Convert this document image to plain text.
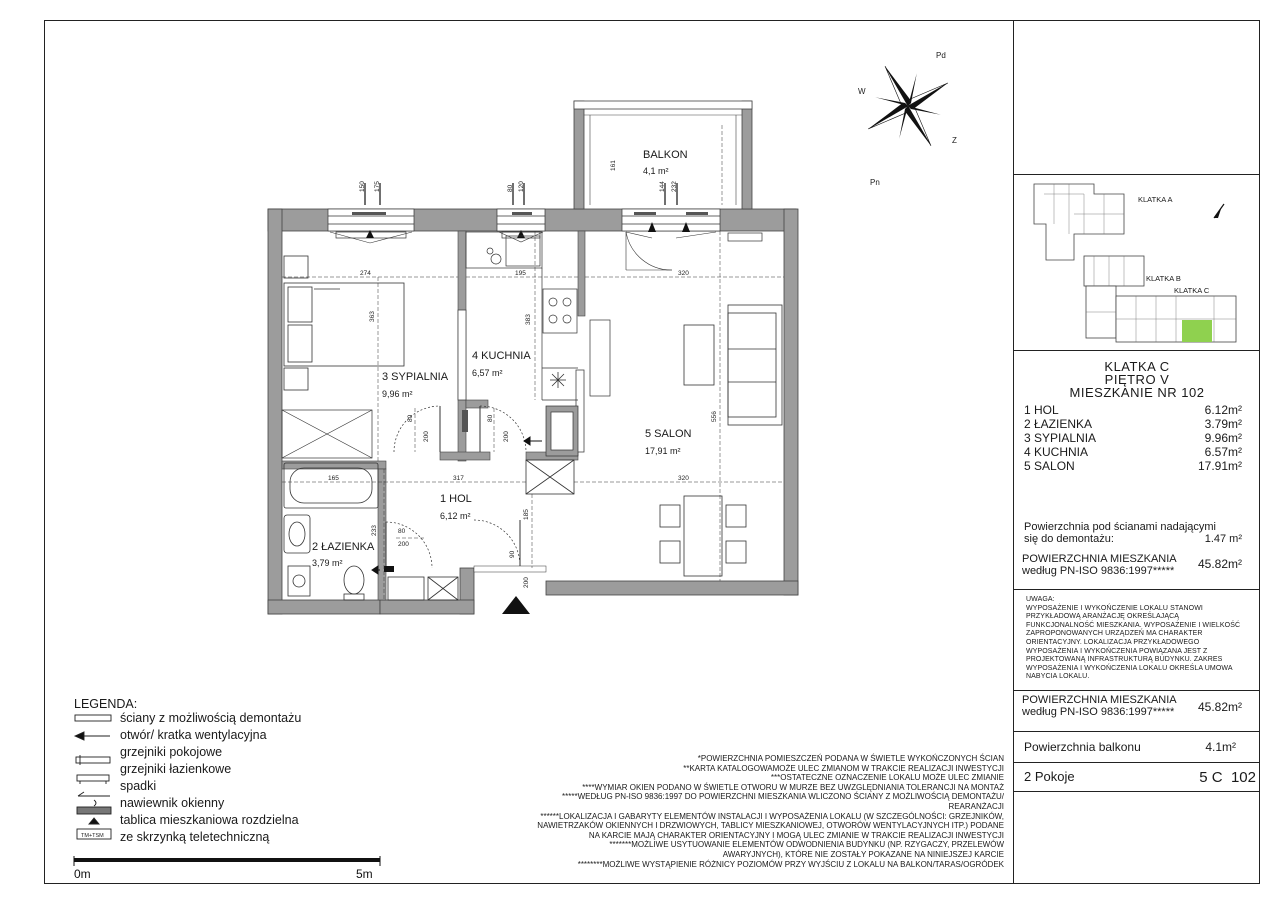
BALKON
4,1 m²
3 SYPIALNIA
9,96 m²
4 KUCHNIA
6,57 m²
5 SALON
17,91 m²
1 HOL
6,12 m²
2 ŁAZIENKA
3,79 m²
274	195	320
165	317	320
80
200
150 175	80 120	144 232
161
363	383
556
233
185
80
200
80
200
90
200
Pd
W
Z
Pn
TM+TSM
0m	5m
LEGENDA:
ściany z możliwością demontażu
otwór/ kratka wentylacyjna
grzejniki pokojowe
grzejniki łazienkowe
spadki
nawiewnik okienny
tablica mieszkaniowa rozdzielna
ze skrzynką teletechniczną
*POWIERZCHNIA POMIESZCZEŃ PODANA W ŚWIETLE WYKOŃCZONYCH ŚCIAN
**KARTA KATALOGOWAMOŻE ULEC ZMIANOM W TRAKCIE REALIZACJI INWESTYCJI
***OSTATECZNE OZNACZENIE LOKALU MOŻE ULEC ZMIANIE
****WYMIAR OKIEN PODANO W ŚWIETLE OTWORU W MURZE BEZ UWZGLĘDNIANIA TOLERANCJI NA MONTAŻ
*****WEDŁUG PN-ISO 9836:1997 DO POWIERZCHNI MIESZKANIA WLICZONO ŚCIANY Z MOŻLIWOŚCIĄ DEMONTAŻU/
REARANŻACJI
******LOKALIZACJA I GABARYTY ELEMENTÓW INSTALACJI I WYPOSAŻENIA LOKALU (W SZCZEGÓLNOŚCI: GRZEJNIKÓW,
NAWIETRZAKÓW OKIENNYCH I DRZWIOWYCH, TABLICY MIESZKANIOWEJ, OTWORÓW WENTYLACYJNYCH ITP.) PODANE
NA KARCIE MAJĄ CHARAKTER ORIENTACYJNY I MOGĄ ULEC ZMIANIE W TRAKCIE REALIZACJI INWESTYCJI
*******MOŻLIWE USYTUOWANIE ELEMENTÓW ODWODNIENIA BUDYNKU (NP. RZYGACZY, PRZELEWÓW
AWARYJNYCH), KTÓRE NIE ZOSTAŁY POKAZANE NA NINIEJSZEJ KARCIE
********MOŻLIWE WYSTĄPIENIE RÓŻNICY POZIOMÓW PRZY WYJŚCIU Z LOKALU NA BALKON/TARAS/OGRÓDEK
KLATKA A
KLATKA B
KLATKA C
KLATKA C
PIĘTRO V
MIESZKANIE NR 102
1 HOL	6.12m²
2 ŁAZIENKA	3.79m²
3 SYPIALNIA	9.96m²
4 KUCHNIA	6.57m²
5 SALON	17.91m²
Powierzchnia pod ścianami nadającymi
się do demontażu:	1.47 m²
POWIERZCHNIA MIESZKANIA
według PN-ISO 9836:1997*****	45.82m²
UWAGA:
WYPOSAŻENIE I WYKOŃCZENIE LOKALU STANOWI PRZYKŁADOWĄ ARANŻACJĘ OKREŚLAJĄCĄ FUNKCJONALNOŚĆ MIESZKANIA. WYPOSAŻENIE I WIELKOŚĆ ZAPROPONOWANYCH URZĄDZEŃ MA CHARAKTER ORIENTACYJNY. LOKALIZACJA PRZYKŁADOWEGO WYPOSAŻENIA I WYKOŃCZENIA POWIĄZANA JEST Z PROJEKTOWANĄ INFRASTRUKTURĄ BUDYNKU. ZAKRES WYPOSAŻENIA I WYKOŃCZENIA LOKALU OKREŚLA UMOWA NABYCIA LOKALU.
POWIERZCHNIA MIESZKANIA
według PN-ISO 9836:1997*****	45.82m²
Powierzchnia balkonu	4.1m²
2 Pokoje	5 C  102
